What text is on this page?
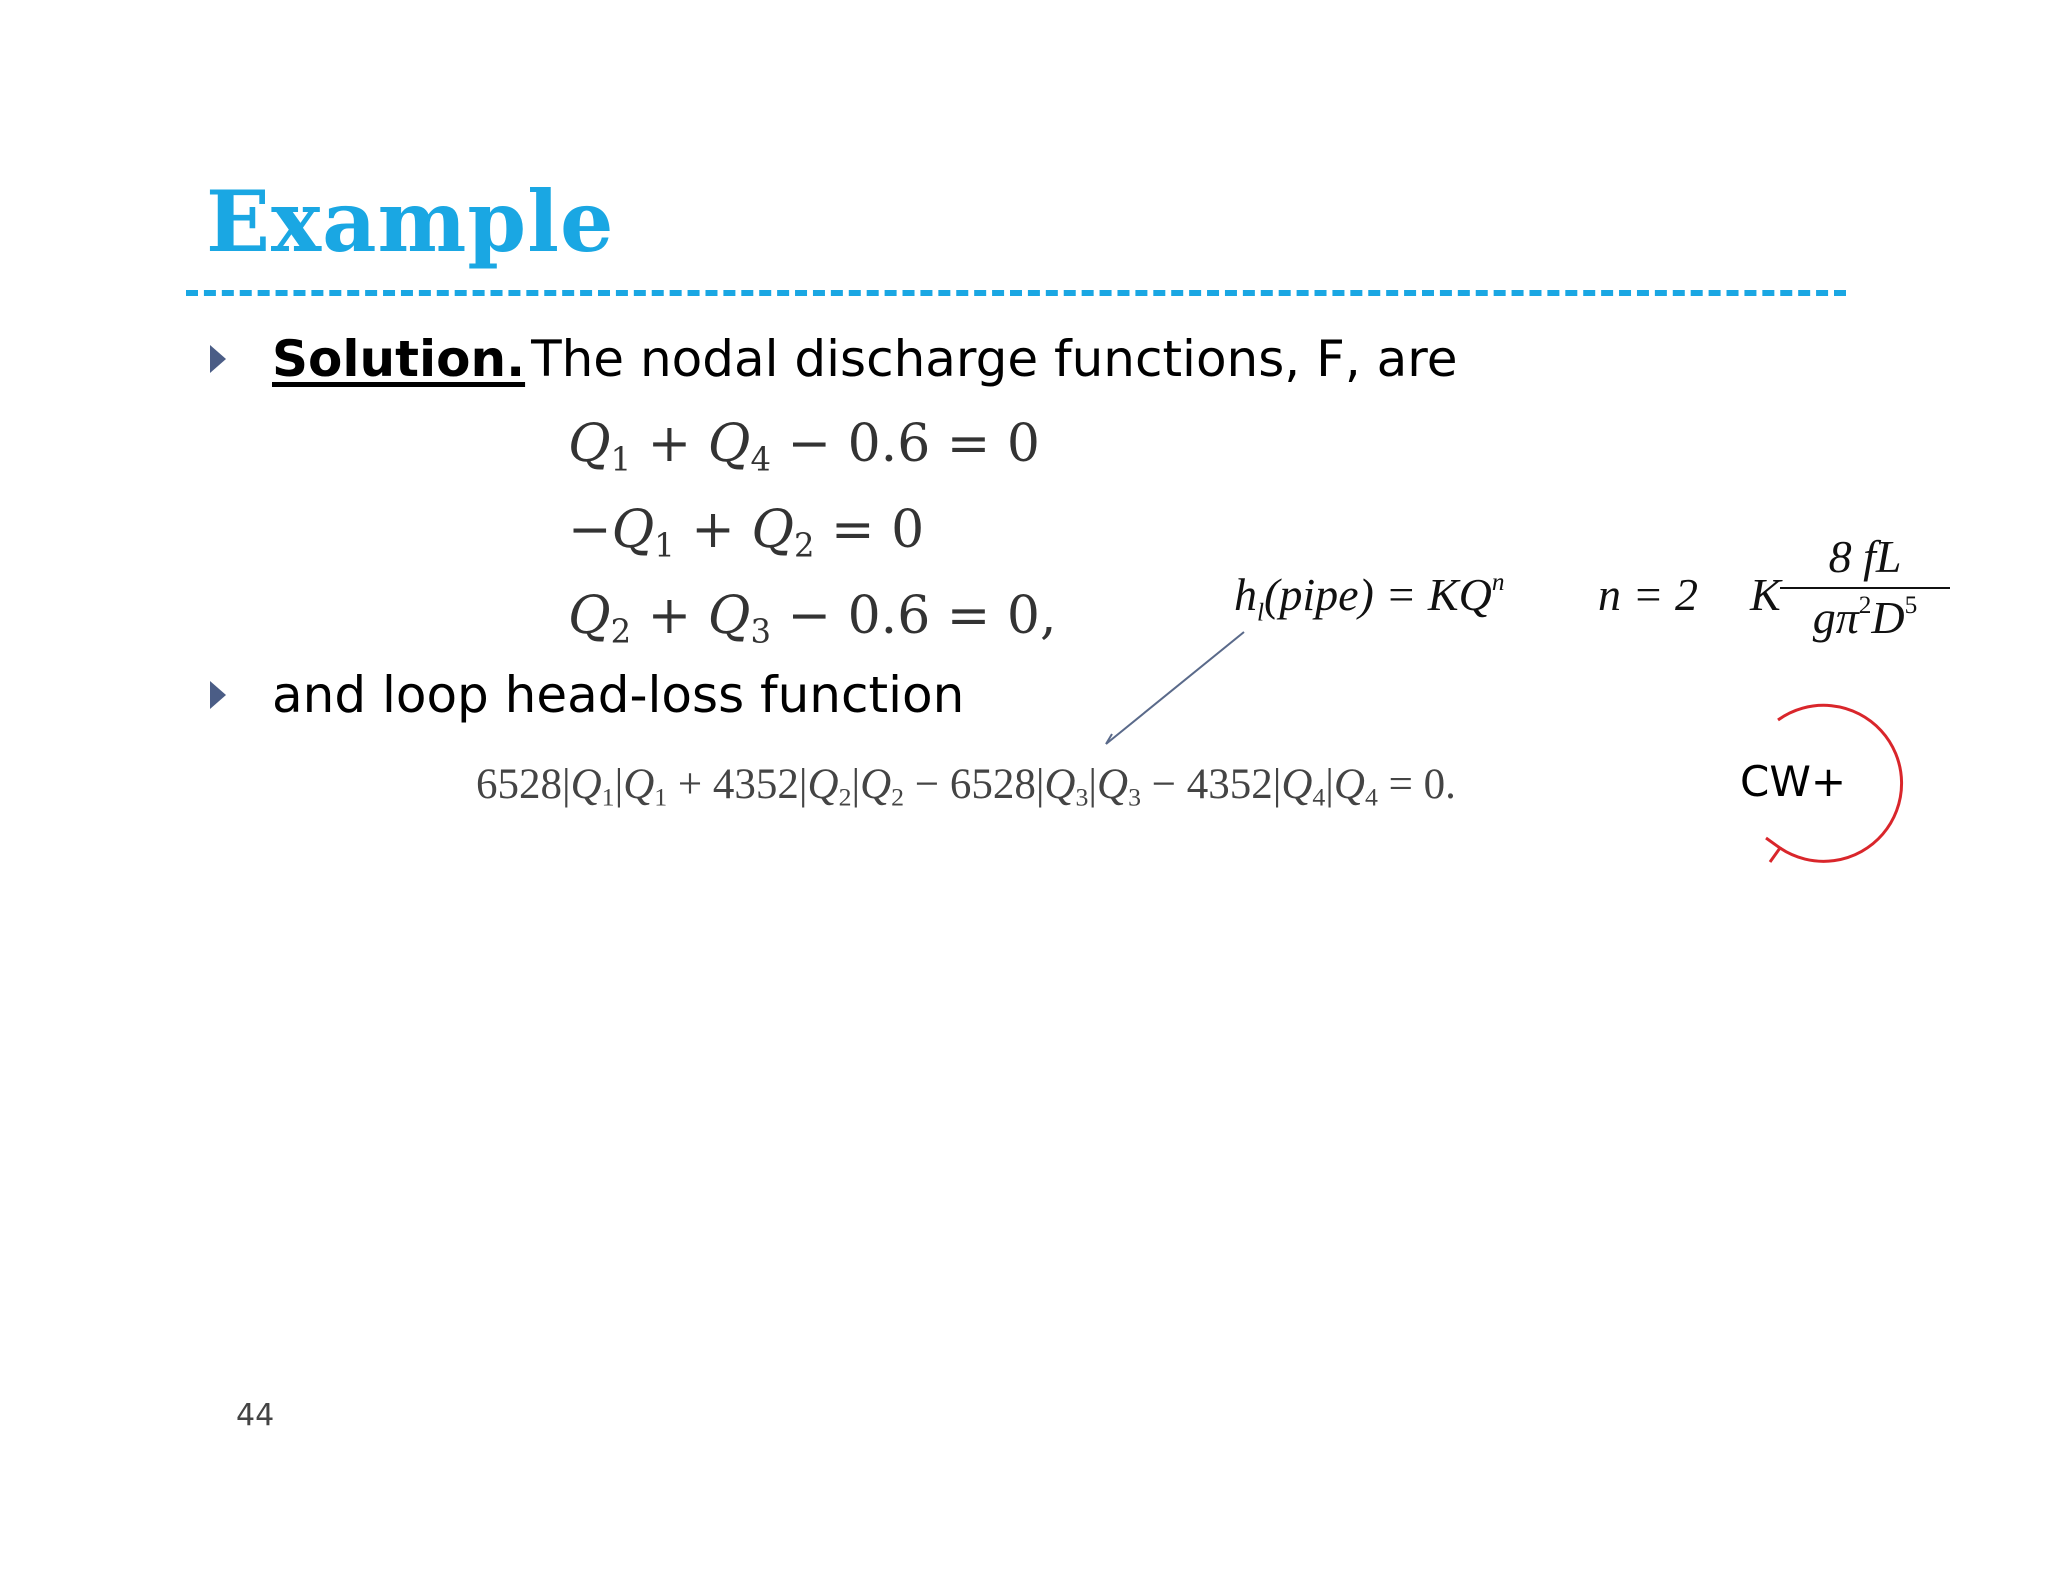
Example
Solution. The nodal discharge functions, F, are
$Q_1 + Q_4 - 0.6 = 0$
$-Q_1 + Q_2 = 0$
$Q_2 + Q_3 - 0.6 = 0$,	$h_l(pipe) = KQ^n$ n = 2 K
8 fL
$g\pi^2D^5$
and loop head-loss function
$6528|Q_1|Q_1 + 4352|Q_2|Q_2 - 6528|Q_3|Q_3 - 4352|Q_4|Q_4 = 0$.	CW+
44
